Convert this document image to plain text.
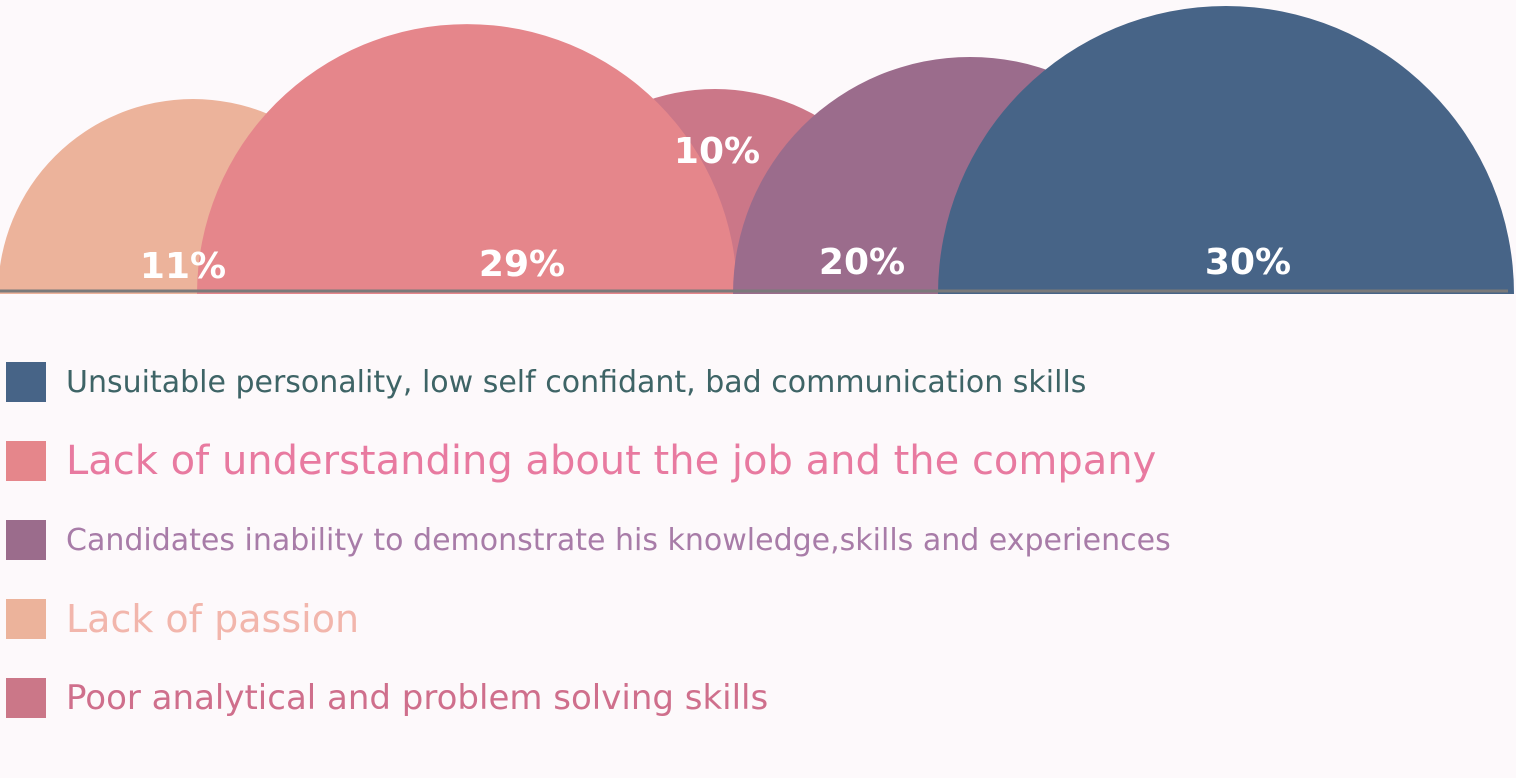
11%	29%
10%
20%	30%
Unsuitable personality, low self confidant, bad communication skills
Lack of understanding about the job and the company
Candidates inability to demonstrate his knowledge,skills and experiences
Lack of passion
Poor analytical and problem solving skills
